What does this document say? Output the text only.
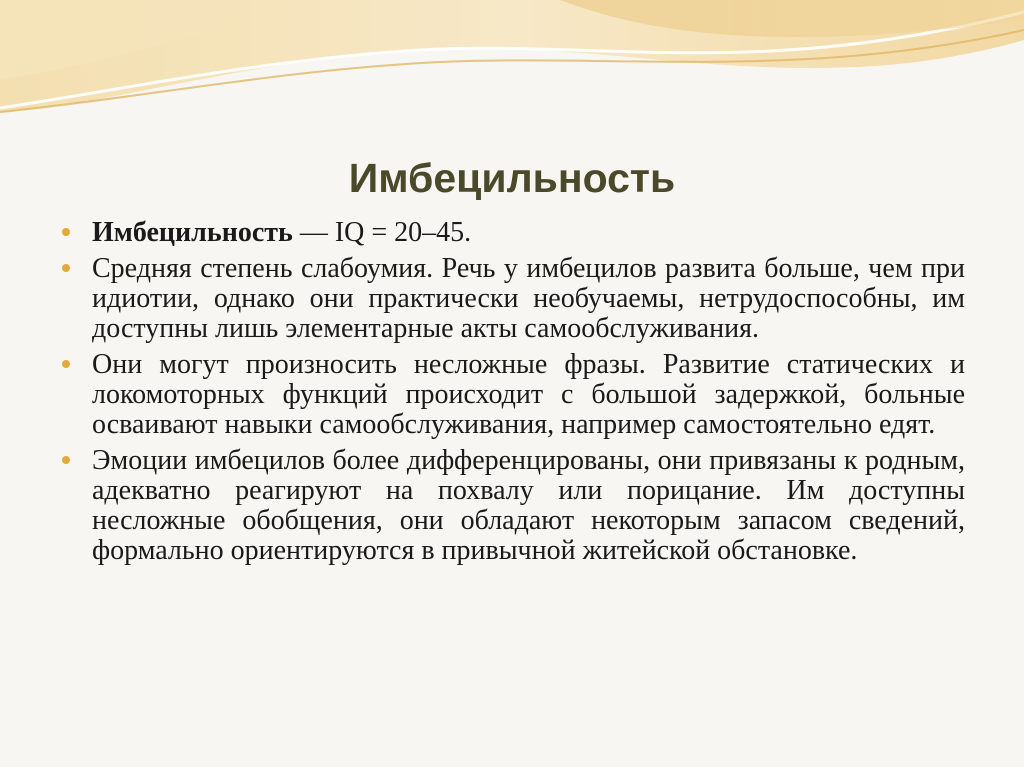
Имбецильность
Имбецильность — IQ = 20–45.
Средняя степень слабоумия. Речь у имбецилов развита больше, чем при идиотии, однако они практически необучаемы, нетрудоспособны, им доступны лишь элементарные акты самообслуживания.
Они могут произносить несложные фразы. Развитие статических и локомоторных функций происходит с большой задержкой, больные осваивают навыки самообслуживания, например самостоятельно едят.
Эмоции имбецилов более дифференцированы, они привязаны к родным, адекватно реагируют на похвалу или порицание. Им доступны несложные обобщения, они обладают некоторым запасом сведений, формально ориентируются в привычной житейской обстановке.
